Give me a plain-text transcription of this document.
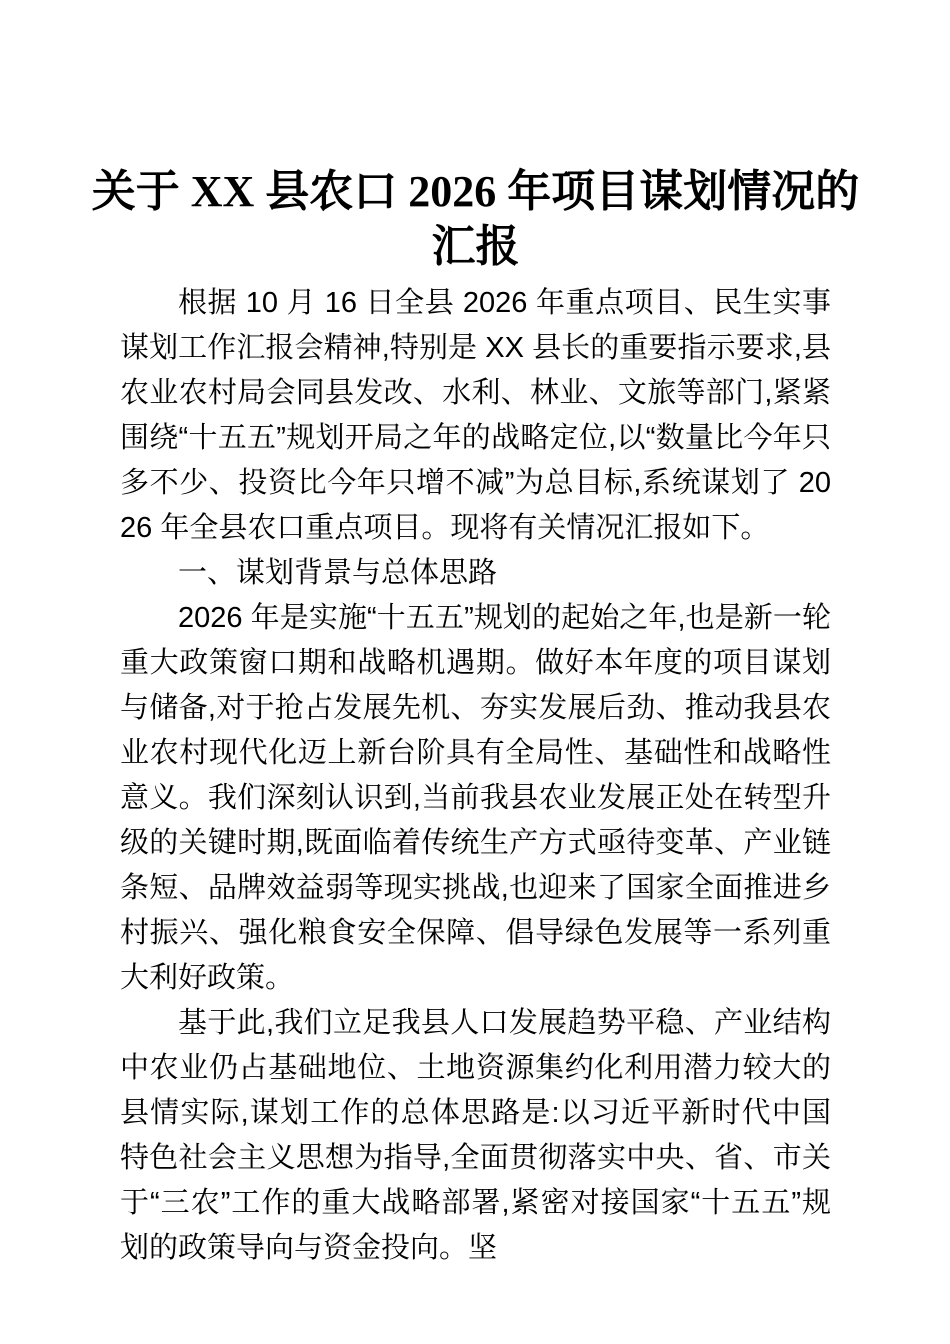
关于 XX 县农口 2026 年项目谋划情况的汇报

根据 10 月 16 日全县 2026 年重点项目、民生实事谋划工作汇报会精神,特别是 XX 县长的重要指示要求,县农业农村局会同县发改、水利、林业、文旅等部门,紧紧围绕“十五五”规划开局之年的战略定位,以“数量比今年只多不少、投资比今年只增不减”为总目标,系统谋划了 2026 年全县农口重点项目。现将有关情况汇报如下。

一、谋划背景与总体思路

2026 年是实施“十五五”规划的起始之年,也是新一轮重大政策窗口期和战略机遇期。做好本年度的项目谋划与储备,对于抢占发展先机、夯实发展后劲、推动我县农业农村现代化迈上新台阶具有全局性、基础性和战略性意义。我们深刻认识到,当前我县农业发展正处在转型升级的关键时期,既面临着传统生产方式亟待变革、产业链条短、品牌效益弱等现实挑战,也迎来了国家全面推进乡村振兴、强化粮食安全保障、倡导绿色发展等一系列重大利好政策。

基于此,我们立足我县人口发展趋势平稳、产业结构中农业仍占基础地位、土地资源集约化利用潜力较大的县情实际,谋划工作的总体思路是:以习近平新时代中国特色社会主义思想为指导,全面贯彻落实中央、省、市关于“三农”工作的重大战略部署,紧密对接国家“十五五”规划的政策导向与资金投向。坚
